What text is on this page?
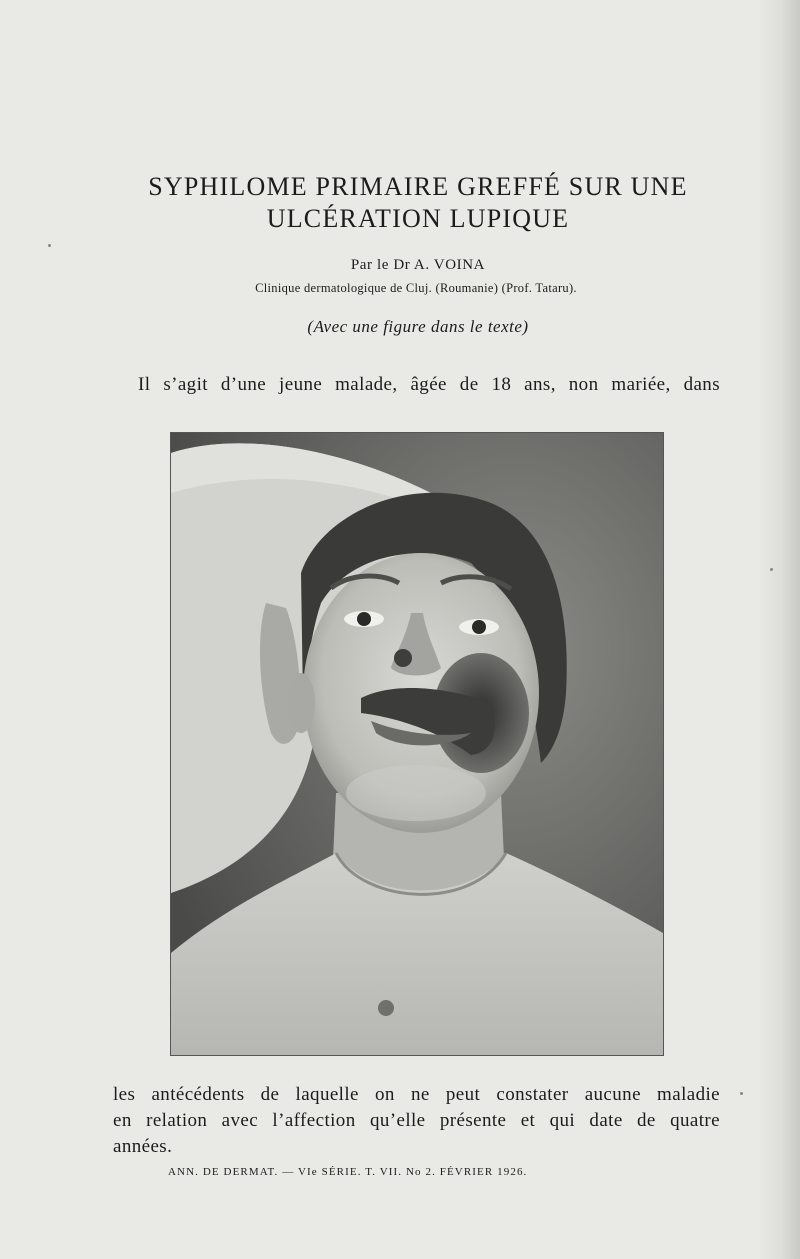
SYPHILOME PRIMAIRE GREFFÉ SUR UNE
ULCÉRATION LUPIQUE
Par le Dr A. VOINA
Clinique dermatologique de Cluj. (Roumanie) (Prof. Tataru).
(Avec une figure dans le texte)
Il s’agit d’une jeune malade, âgée de 18 ans, non mariée, dans
les antécédents de laquelle on ne peut constater aucune maladie
en relation avec l’affection qu’elle présente et qui date de quatre
années.
ANN. DE DERMAT. — VIe SÉRIE. T. VII. No 2. FÉVRIER 1926.
